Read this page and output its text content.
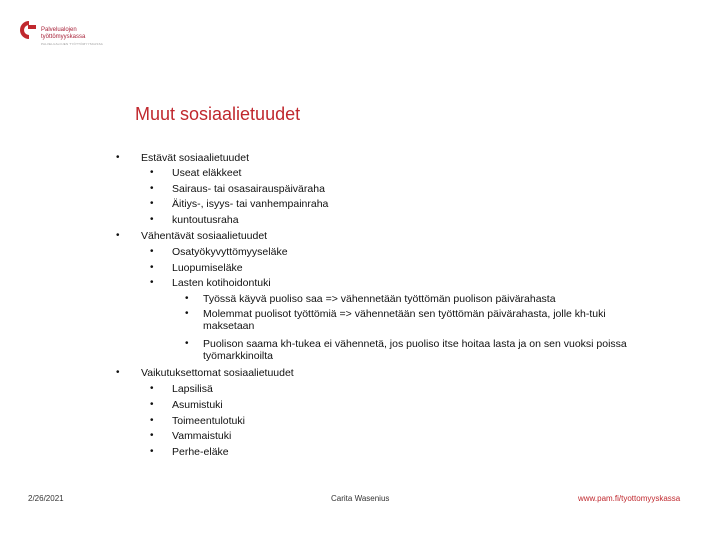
Palvelualojen
työttömyyskassa
PALVELUALOJEN TYÖTTÖMYYSKASSA
Muut sosiaalietuudet
• Estävät sosiaalietuudet
• Useat eläkkeet
• Sairaus- tai osasairauspäiväraha
• Äitiys-, isyys- tai vanhempainraha
• kuntoutusraha
• Vähentävät sosiaalietuudet
• Osatyökyvyttömyyseläke
• Luopumiseläke
• Lasten kotihoidontuki
• Työssä käyvä puoliso saa => vähennetään työttömän puolison päivärahasta
• Molemmat puolisot työttömiä => vähennetään sen työttömän päivärahasta, jolle kh-tuki maksetaan
• Puolison saama kh-tukea ei vähennetä, jos puoliso itse hoitaa lasta ja on sen vuoksi poissa työmarkkinoilta
• Vaikutuksettomat sosiaalietuudet
• Lapsilisä
• Asumistuki
• Toimeentulotuki
• Vammaistuki
• Perhe-eläke
2/26/2021	Carita Wasenius	www.pam.fi/tyottomyyskassa
